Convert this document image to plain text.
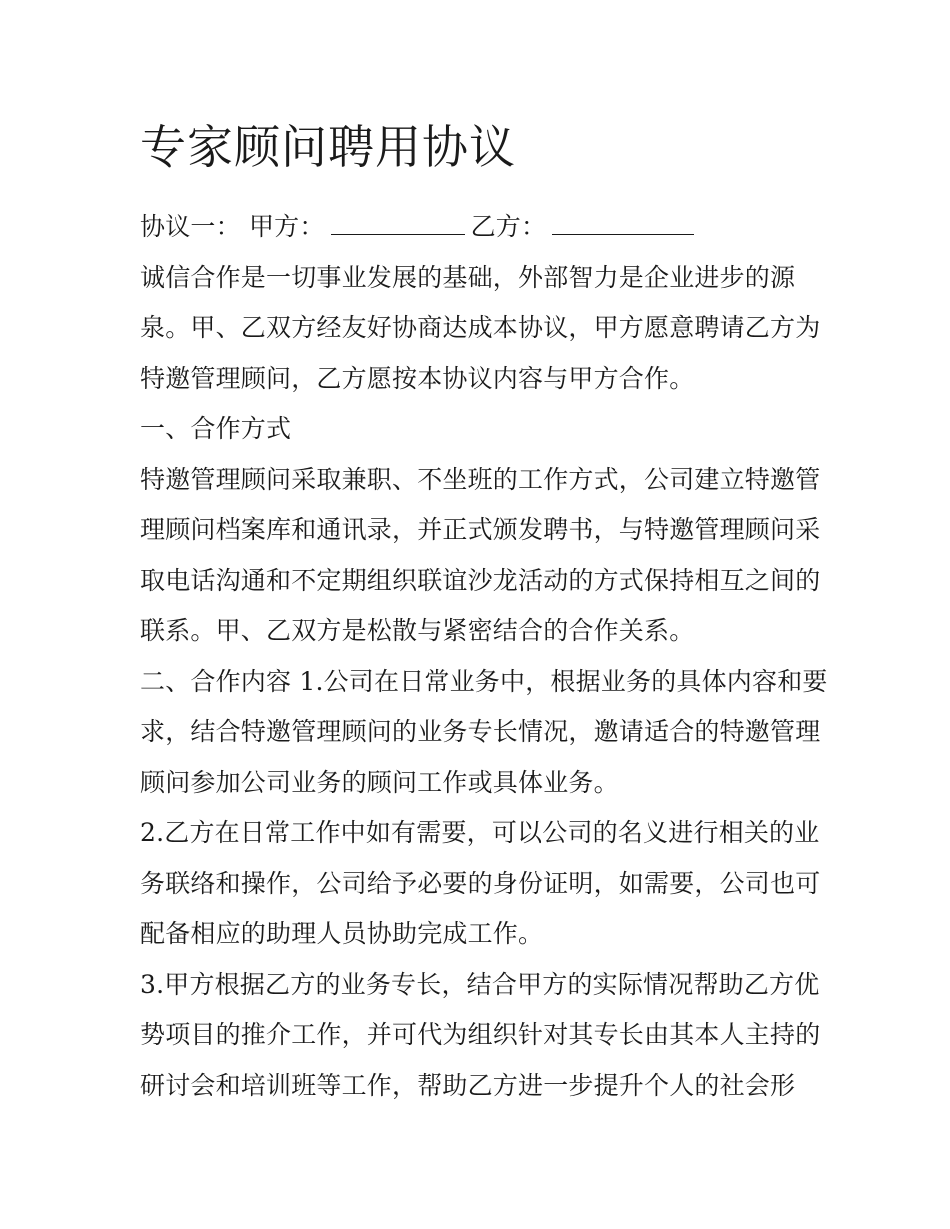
专家顾问聘用协议

协议一： 甲方：	乙方：

诚信合作是一切事业发展的基础，外部智力是企业进步的源

泉。甲、乙双方经友好协商达成本协议，甲方愿意聘请乙方为

特邀管理顾问，乙方愿按本协议内容与甲方合作。

一、合作方式

特邀管理顾问采取兼职、不坐班的工作方式，公司建立特邀管

理顾问档案库和通讯录，并正式颁发聘书，与特邀管理顾问采

取电话沟通和不定期组织联谊沙龙活动的方式保持相互之间的

联系。甲、乙双方是松散与紧密结合的合作关系。

二、合作内容 1.公司在日常业务中，根据业务的具体内容和要

求，结合特邀管理顾问的业务专长情况，邀请适合的特邀管理

顾问参加公司业务的顾问工作或具体业务。

2.乙方在日常工作中如有需要，可以公司的名义进行相关的业

务联络和操作，公司给予必要的身份证明，如需要，公司也可

配备相应的助理人员协助完成工作。

3.甲方根据乙方的业务专长，结合甲方的实际情况帮助乙方优

势项目的推介工作，并可代为组织针对其专长由其本人主持的

研讨会和培训班等工作，帮助乙方进一步提升个人的社会形
